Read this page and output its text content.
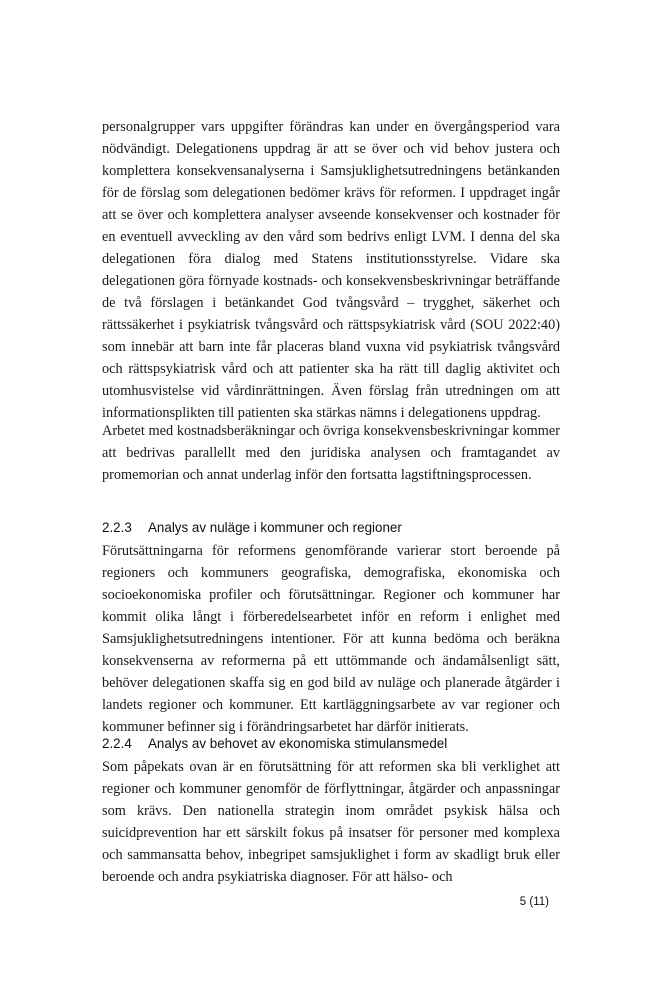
personalgrupper vars uppgifter förändras kan under en övergångsperiod vara nödvändigt. Delegationens uppdrag är att se över och vid behov justera och komplettera konsekvensanalyserna i Samsjuklighetsutredningens betänkanden för de förslag som delegationen bedömer krävs för reformen. I uppdraget ingår att se över och komplettera analyser avseende konsekvenser och kostnader för en eventuell avveckling av den vård som bedrivs enligt LVM. I denna del ska delegationen föra dialog med Statens institutionsstyrelse. Vidare ska delegationen göra förnyade kostnads- och konsekvensbeskrivningar beträffande de två förslagen i betänkandet God tvångsvård – trygghet, säkerhet och rättssäkerhet i psykiatrisk tvångsvård och rättspsykiatrisk vård (SOU 2022:40) som innebär att barn inte får placeras bland vuxna vid psykiatrisk tvångsvård och rättspsykiatrisk vård och att patienter ska ha rätt till daglig aktivitet och utomhusvistelse vid vårdinrättningen. Även förslag från utredningen om att informationsplikten till patienten ska stärkas nämns i delegationens uppdrag.

Arbetet med kostnadsberäkningar och övriga konsekvensbeskrivningar kommer att bedrivas parallellt med den juridiska analysen och framtagandet av promemorian och annat underlag inför den fortsatta lagstiftningsprocessen.

2.2.3 Analys av nuläge i kommuner och regioner

Förutsättningarna för reformens genomförande varierar stort beroende på regioners och kommuners geografiska, demografiska, ekonomiska och socioekonomiska profiler och förutsättningar. Regioner och kommuner har kommit olika långt i förberedelsearbetet inför en reform i enlighet med Samsjuklighetsutredningens intentioner. För att kunna bedöma och beräkna konsekvenserna av reformerna på ett uttömmande och ändamålsenligt sätt, behöver delegationen skaffa sig en god bild av nuläge och planerade åtgärder i landets regioner och kommuner. Ett kartläggningsarbete av var regioner och kommuner befinner sig i förändringsarbetet har därför initierats.

2.2.4 Analys av behovet av ekonomiska stimulansmedel

Som påpekats ovan är en förutsättning för att reformen ska bli verklighet att regioner och kommuner genomför de förflyttningar, åtgärder och anpassningar som krävs. Den nationella strategin inom området psykisk hälsa och suicidprevention har ett särskilt fokus på insatser för personer med komplexa och sammansatta behov, inbegripet samsjuklighet i form av skadligt bruk eller beroende och andra psykiatriska diagnoser. För att hälso- och

5 (11)
